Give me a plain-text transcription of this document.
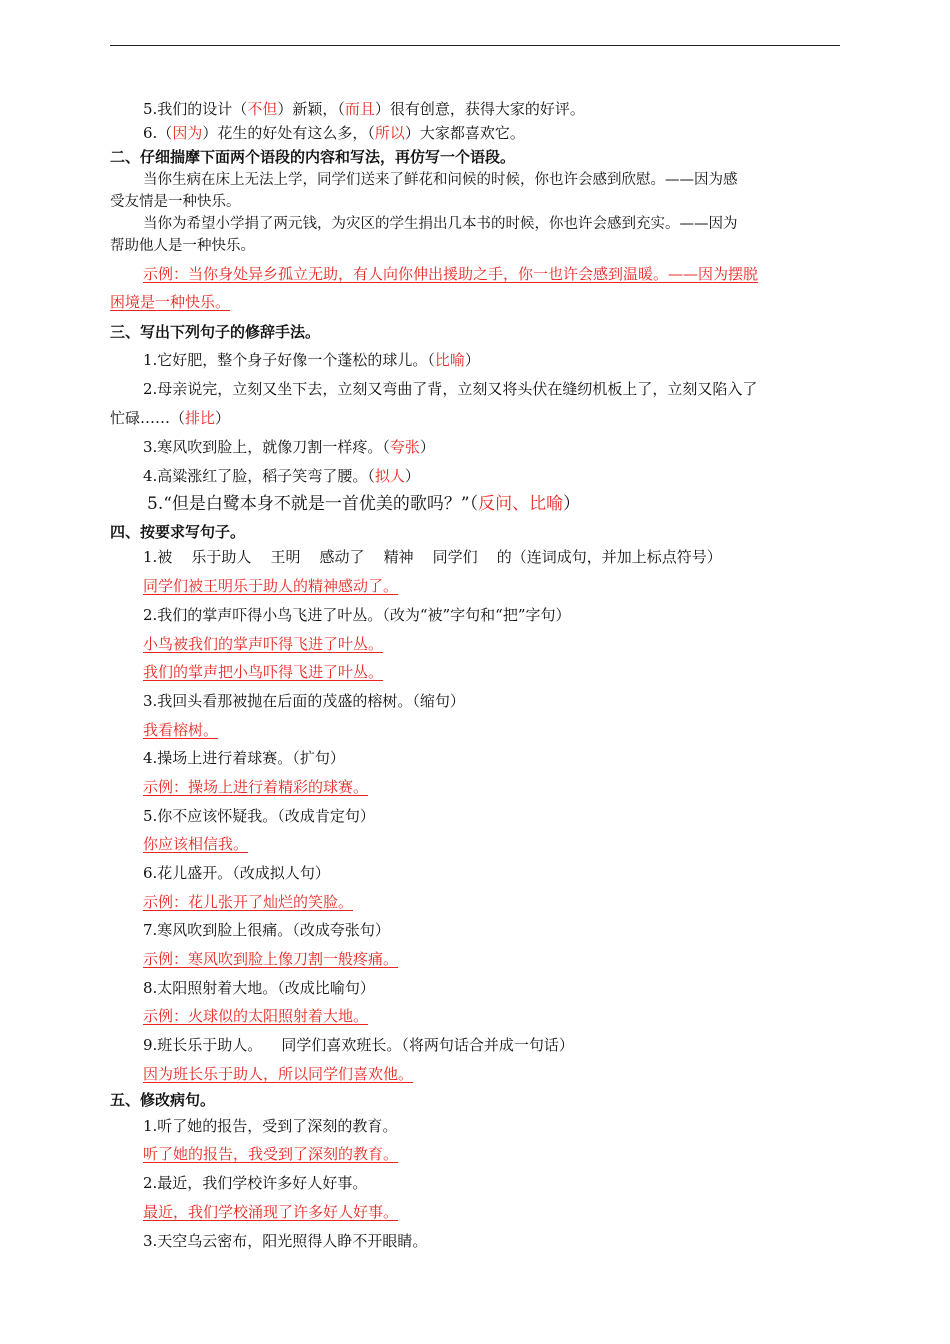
5.我们的设计（不但）新颖，（而且）很有创意，获得大家的好评。
6.（因为）花生的好处有这么多，（所以）大家都喜欢它。
二、仔细揣摩下面两个语段的内容和写法，再仿写一个语段。
当你生病在床上无法上学，同学们送来了鲜花和问候的时候，你也许会感到欣慰。——因为感
受友情是一种快乐。
当你为希望小学捐了两元钱，为灾区的学生捐出几本书的时候，你也许会感到充实。——因为
帮助他人是一种快乐。
示例：当你身处异乡孤立无助，有人向你伸出援助之手，你一也许会感到温暖。——因为摆脱
困境是一种快乐。
三、写出下列句子的修辞手法。
1.它好肥，整个身子好像一个蓬松的球儿。（比喻）
2.母亲说完，立刻又坐下去，立刻又弯曲了背，立刻又将头伏在缝纫机板上了，立刻又陷入了
忙碌……（排比）
3.寒风吹到脸上，就像刀割一样疼。（夸张）
4.高粱涨红了脸，稻子笑弯了腰。（拟人）
5.“但是白鹭本身不就是一首优美的歌吗？”（反问、比喻）
四、按要求写句子。
1.被    乐于助人    王明    感动了    精神    同学们    的（连词成句，并加上标点符号）
同学们被王明乐于助人的精神感动了。
2.我们的掌声吓得小鸟飞进了叶丛。（改为“被”字句和“把”字句）
小鸟被我们的掌声吓得飞进了叶丛。
我们的掌声把小鸟吓得飞进了叶丛。
3.我回头看那被抛在后面的茂盛的榕树。（缩句）
我看榕树。
4.操场上进行着球赛。（扩句）
示例：操场上进行着精彩的球赛。
5.你不应该怀疑我。（改成肯定句）
你应该相信我。
6.花儿盛开。（改成拟人句）
示例：花儿张开了灿烂的笑脸。
7.寒风吹到脸上很痛。（改成夸张句）
示例：寒风吹到脸上像刀割一般疼痛。
8.太阳照射着大地。（改成比喻句）
示例：火球似的太阳照射着大地。
9.班长乐于助人。    同学们喜欢班长。（将两句话合并成一句话）
因为班长乐于助人，所以同学们喜欢他。
五、修改病句。
1.听了她的报告，受到了深刻的教育。
听了她的报告，我受到了深刻的教育。
2.最近，我们学校许多好人好事。
最近，我们学校涌现了许多好人好事。
3.天空乌云密布，阳光照得人睁不开眼睛。
